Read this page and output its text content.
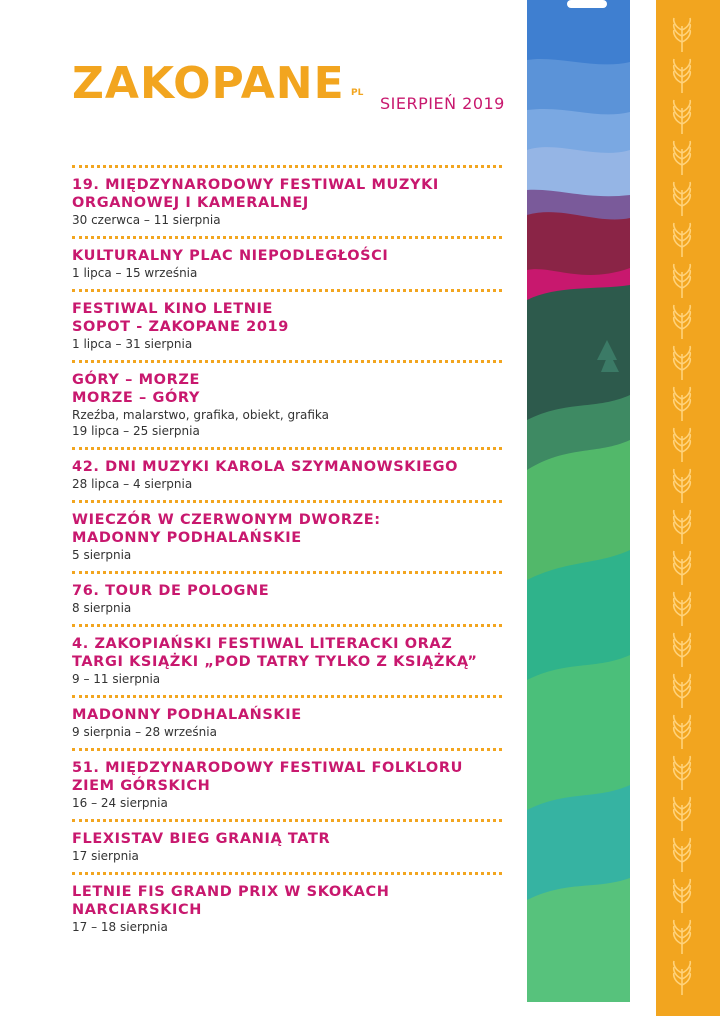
ZAKOPANE PL
SIERPIEŃ 2019

19. MIĘDZYNARODOWY FESTIWAL MUZYKI
ORGANOWEJ I KAMERALNEJ

30 czerwca – 11 sierpnia

KULTURALNY PLAC NIEPODLEGŁOŚCI

1 lipca – 15 września

FESTIWAL KINO LETNIE
SOPOT - ZAKOPANE 2019

1 lipca – 31 sierpnia

GÓRY – MORZE
MORZE – GÓRY

Rzeźba, malarstwo, grafika, obiekt, grafika

19 lipca – 25 sierpnia

42. DNI MUZYKI KAROLA SZYMANOWSKIEGO

28 lipca – 4 sierpnia

WIECZÓR W CZERWONYM DWORZE:
MADONNY PODHALAŃSKIE

5 sierpnia

76. TOUR DE POLOGNE

8 sierpnia

4. ZAKOPIAŃSKI FESTIWAL LITERACKI ORAZ
TARGI KSIĄŻKI „POD TATRY TYLKO Z KSIĄŻKĄ”

9 – 11 sierpnia

MADONNY PODHALAŃSKIE

9 sierpnia – 28 września

51. MIĘDZYNARODOWY FESTIWAL FOLKLORU
ZIEM GÓRSKICH

16 – 24 sierpnia

FLEXISTAV BIEG GRANIĄ TATR

17 sierpnia

LETNIE FIS GRAND PRIX W SKOKACH
NARCIARSKICH

17 – 18 sierpnia
